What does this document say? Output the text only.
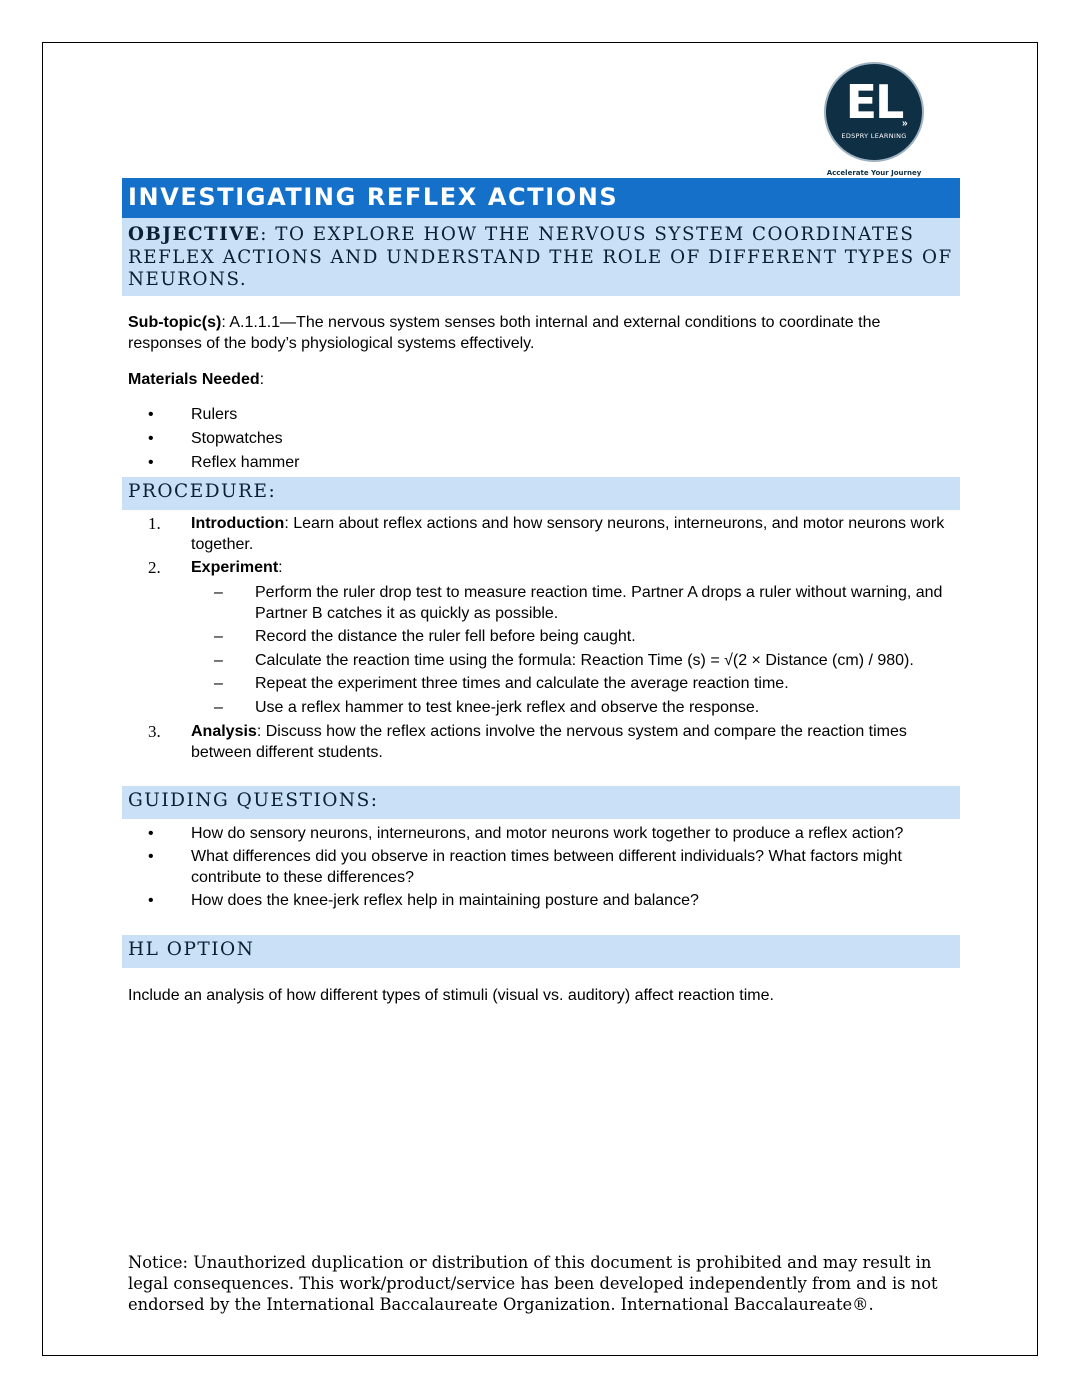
EL »
EDSPRY LEARNING
Accelerate Your Journey
INVESTIGATING REFLEX ACTIONS
OBJECTIVE: TO EXPLORE HOW THE NERVOUS SYSTEM COORDINATES REFLEX ACTIONS AND UNDERSTAND THE ROLE OF DIFFERENT TYPES OF NEURONS.
Sub-topic(s): A.1.1.1—The nervous system senses both internal and external conditions to coordinate the responses of the body’s physiological systems effectively.
Materials Needed:
• Rulers
• Stopwatches
• Reflex hammer
PROCEDURE:
1. Introduction: Learn about reflex actions and how sensory neurons, interneurons, and motor neurons work together.
2. Experiment:
– Perform the ruler drop test to measure reaction time. Partner A drops a ruler without warning, and Partner B catches it as quickly as possible.
– Record the distance the ruler fell before being caught.
– Calculate the reaction time using the formula: Reaction Time (s) = √(2 × Distance (cm) / 980).
– Repeat the experiment three times and calculate the average reaction time.
– Use a reflex hammer to test knee-jerk reflex and observe the response.
3. Analysis: Discuss how the reflex actions involve the nervous system and compare the reaction times between different students.
GUIDING QUESTIONS:
• How do sensory neurons, interneurons, and motor neurons work together to produce a reflex action?
• What differences did you observe in reaction times between different individuals? What factors might contribute to these differences?
• How does the knee-jerk reflex help in maintaining posture and balance?
HL OPTION
Include an analysis of how different types of stimuli (visual vs. auditory) affect reaction time.
Notice: Unauthorized duplication or distribution of this document is prohibited and may result in legal consequences. This work/product/service has been developed independently from and is not endorsed by the International Baccalaureate Organization. International Baccalaureate®.
